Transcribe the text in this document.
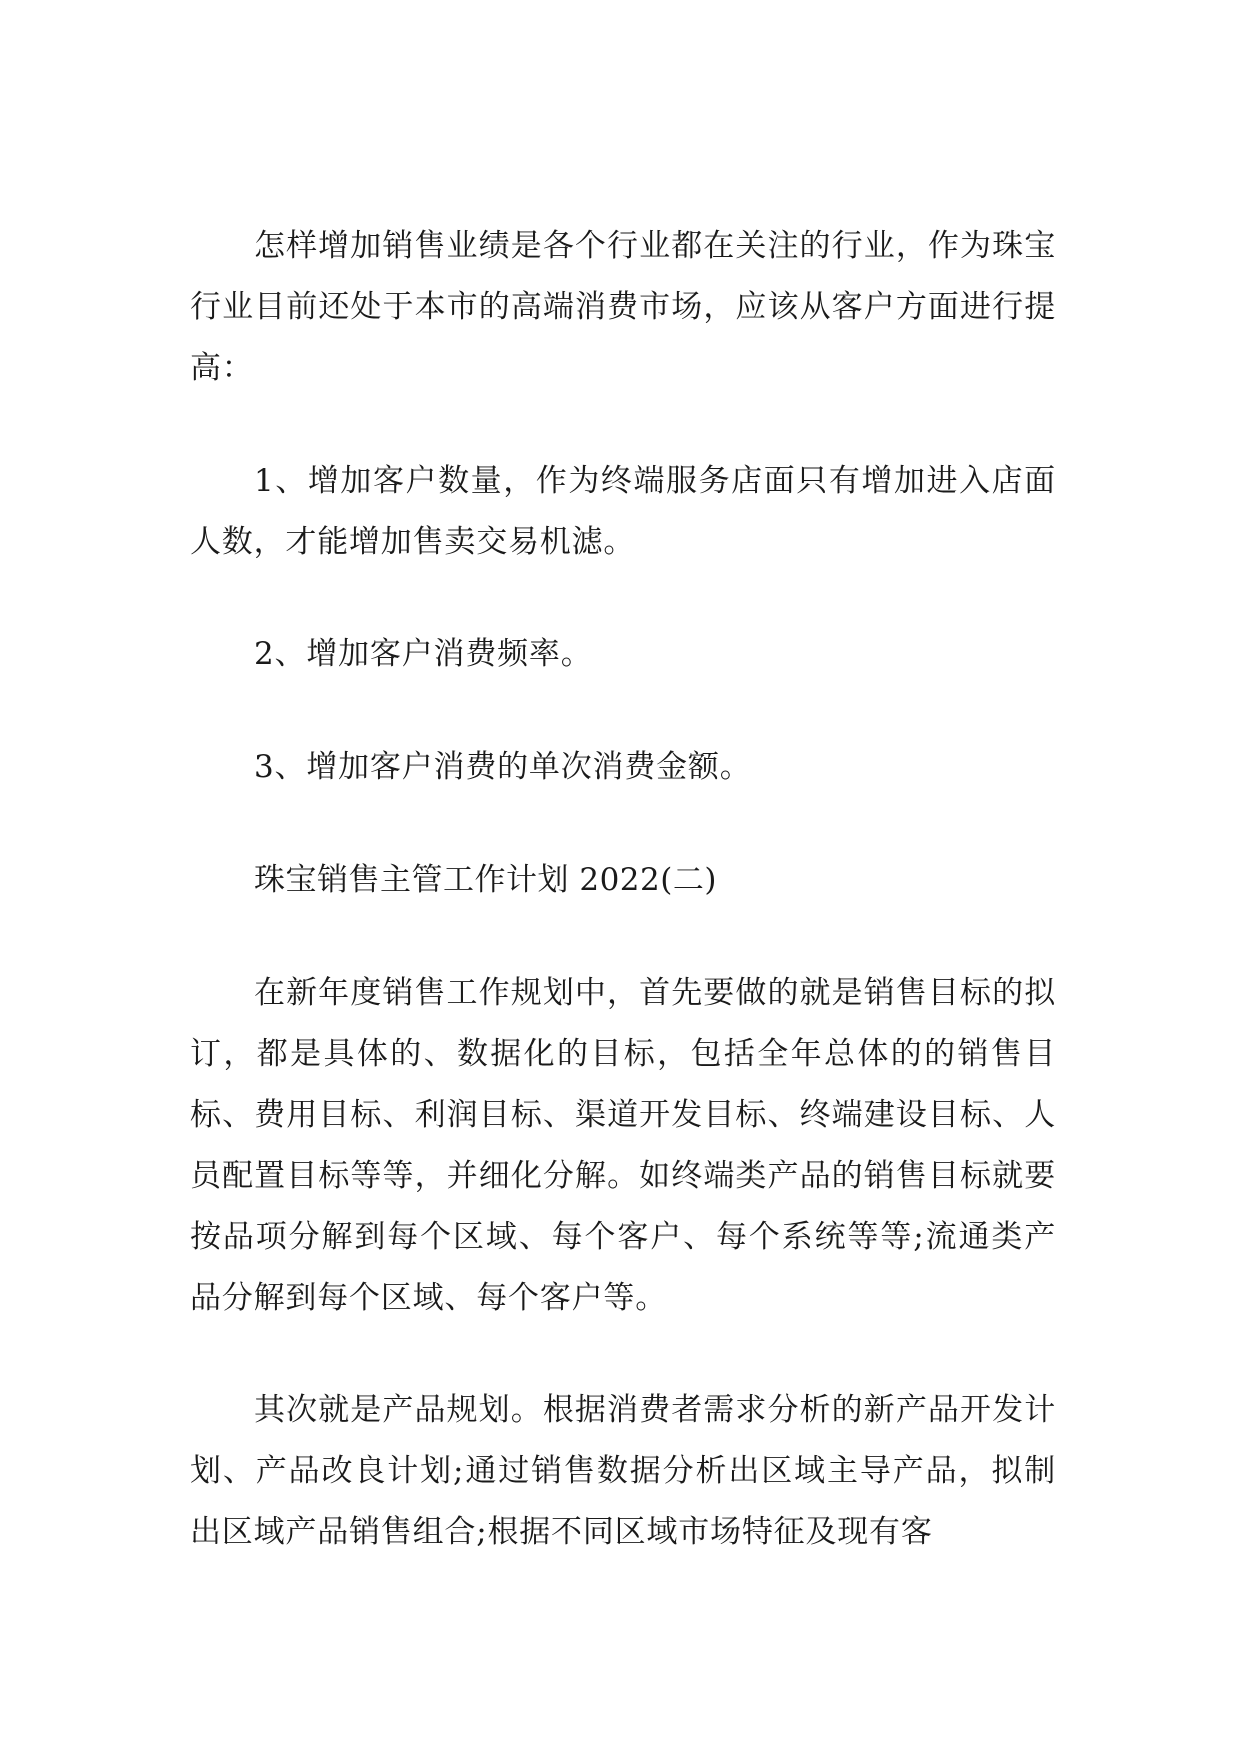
怎样增加销售业绩是各个行业都在关注的行业，作为珠宝行业目前还处于本市的高端消费市场，应该从客户方面进行提高：

1、增加客户数量，作为终端服务店面只有增加进入店面人数，才能增加售卖交易机滤。

2、增加客户消费频率。

3、增加客户消费的单次消费金额。

珠宝销售主管工作计划 2022(二)

在新年度销售工作规划中，首先要做的就是销售目标的拟订，都是具体的、数据化的目标，包括全年总体的的销售目标、费用目标、利润目标、渠道开发目标、终端建设目标、人员配置目标等等，并细化分解。如终端类产品的销售目标就要按品项分解到每个区域、每个客户、每个系统等等;流通类产品分解到每个区域、每个客户等。

其次就是产品规划。根据消费者需求分析的新产品开发计划、产品改良计划;通过销售数据分析出区域主导产品，拟制出区域产品销售组合;根据不同区域市场特征及现有客
